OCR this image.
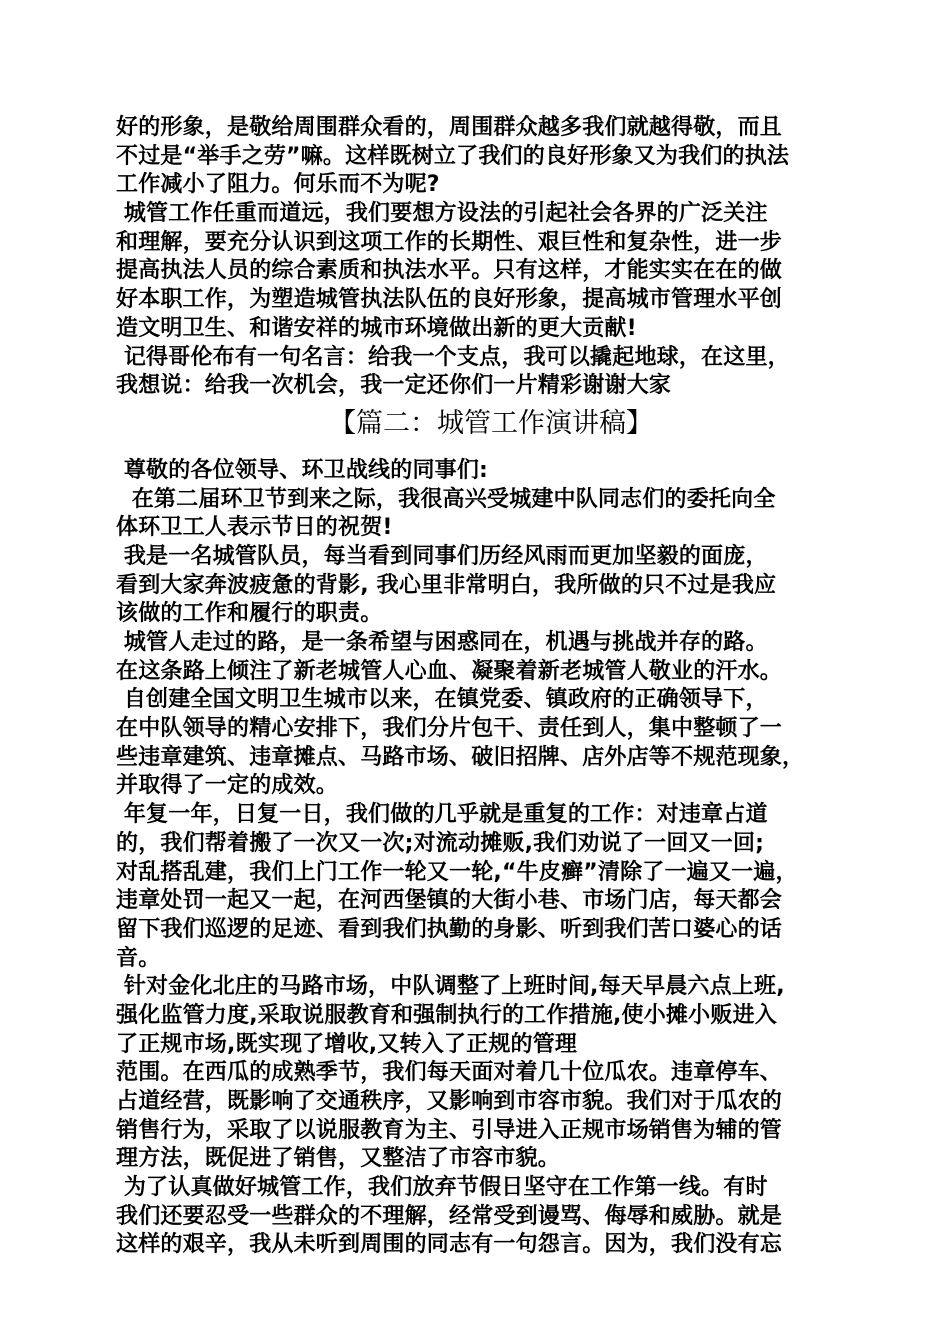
好的形象，是敬给周围群众看的，周围群众越多我们就越得敬，而且
不过是“举手之劳”嘛。这样既树立了我们的良好形象又为我们的执法
工作减小了阻力。何乐而不为呢?
城管工作任重而道远，我们要想方设法的引起社会各界的广泛关注
和理解，要充分认识到这项工作的长期性、艰巨性和复杂性，进一步
提高执法人员的综合素质和执法水平。只有这样，才能实实在在的做
好本职工作，为塑造城管执法队伍的良好形象，提高城市管理水平创
造文明卫生、和谐安祥的城市环境做出新的更大贡献!
记得哥伦布有一句名言：给我一个支点，我可以撬起地球，在这里，
我想说：给我一次机会，我一定还你们一片精彩谢谢大家
【篇二：城管工作演讲稿】
尊敬的各位领导、环卫战线的同事们:
在第二届环卫节到来之际，我很高兴受城建中队同志们的委托向全
体环卫工人表示节日的祝贺!
我是一名城管队员，每当看到同事们历经风雨而更加坚毅的面庞，
看到大家奔波疲惫的背影, 我心里非常明白，我所做的只不过是我应
该做的工作和履行的职责。
城管人走过的路，是一条希望与困惑同在，机遇与挑战并存的路。
在这条路上倾注了新老城管人心血、凝聚着新老城管人敬业的汗水。
自创建全国文明卫生城市以来，在镇党委、镇政府的正确领导下，
在中队领导的精心安排下，我们分片包干、责任到人，集中整顿了一
些违章建筑、违章摊点、马路市场、破旧招牌、店外店等不规范现象，
并取得了一定的成效。
年复一年，日复一日，我们做的几乎就是重复的工作：对违章占道
的，我们帮着搬了一次又一次;对流动摊贩,我们劝说了一回又一回;
对乱搭乱建，我们上门工作一轮又一轮,“牛皮癣”清除了一遍又一遍，
违章处罚一起又一起，在河西堡镇的大街小巷、市场门店，每天都会
留下我们巡逻的足迹、看到我们执勤的身影、听到我们苦口婆心的话
音。
针对金化北庄的马路市场，中队调整了上班时间,每天早晨六点上班,
强化监管力度,采取说服教育和强制执行的工作措施,使小摊小贩进入
了正规市场,既实现了增收,又转入了正规的管理
范围。在西瓜的成熟季节，我们每天面对着几十位瓜农。违章停车、
占道经营，既影响了交通秩序，又影响到市容市貌。我们对于瓜农的
销售行为，采取了以说服教育为主、引导进入正规市场销售为辅的管
理方法，既促进了销售，又整洁了市容市貌。
为了认真做好城管工作，我们放弃节假日坚守在工作第一线。有时
我们还要忍受一些群众的不理解，经常受到谩骂、侮辱和威胁。就是
这样的艰辛，我从未听到周围的同志有一句怨言。因为，我们没有忘
